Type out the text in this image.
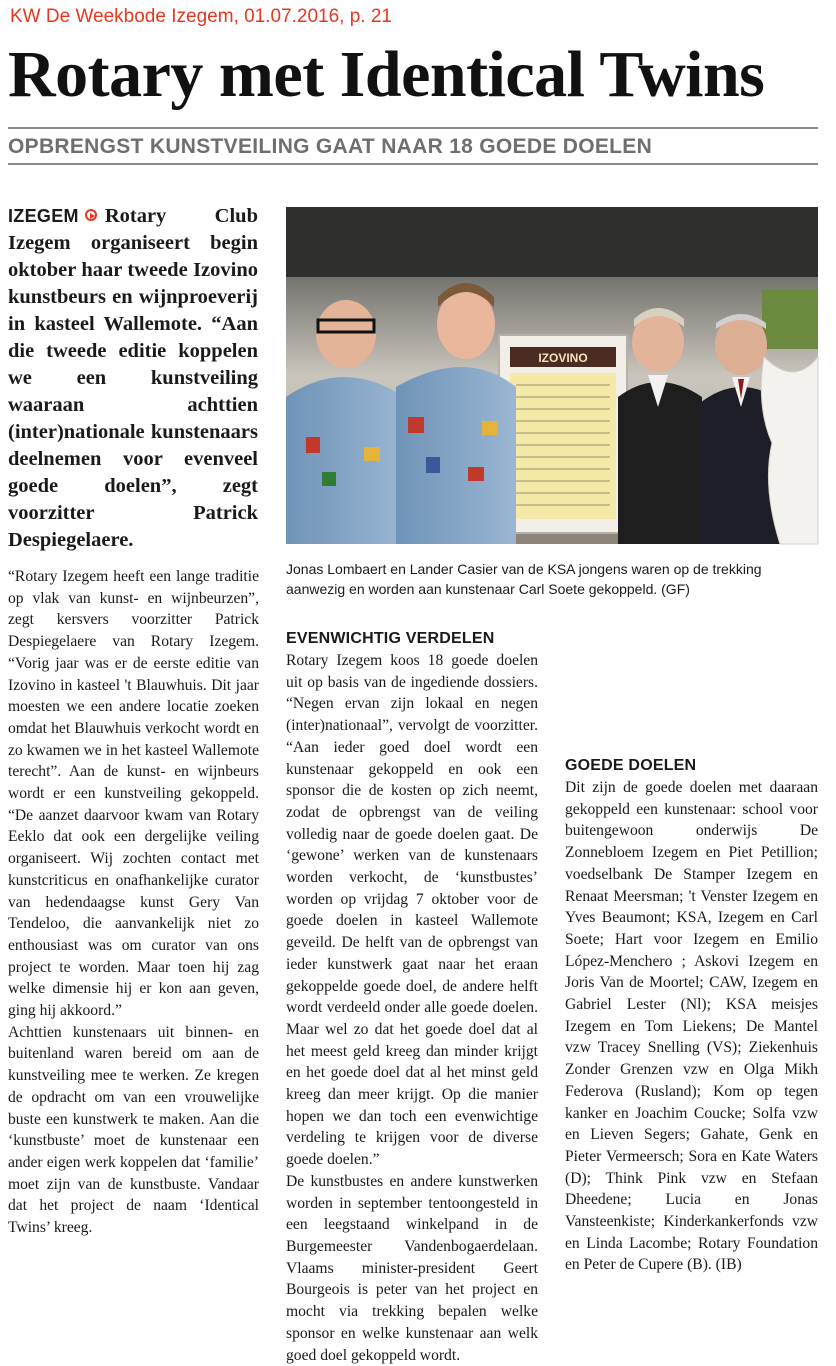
KW De Weekbode Izegem, 01.07.2016, p. 21
Rotary met Identical Twins
OPBRENGST KUNSTVEILING GAAT NAAR 18 GOEDE DOELEN
IZEGEM Rotary Club Izegem organiseert begin oktober haar tweede Izovino kunstbeurs en wijnproeverij in kasteel Wallemote. “Aan die tweede editie koppelen we een kunstveiling waaraan achttien (inter)nationale kunstenaars deelnemen voor evenveel goede doelen”, zegt voorzitter Patrick Despiegelaere.
IZOVINO
Jonas Lombaert en Lander Casier van de KSA jongens waren op de trekking aanwezig en worden aan kunstenaar Carl Soete gekoppeld. (GF)

“Rotary Izegem heeft een lange traditie op vlak van kunst- en wijnbeurzen”, zegt kersvers voorzitter Patrick Despiegelaere van Rotary Izegem. “Vorig jaar was er de eerste editie van Izovino in kasteel 't Blauwhuis. Dit jaar moesten we een andere locatie zoeken omdat het Blauwhuis verkocht wordt en zo kwamen we in het kasteel Wallemote terecht”. Aan de kunst- en wijnbeurs wordt er een kunstveiling gekoppeld. “De aanzet daarvoor kwam van Rotary Eeklo dat ook een dergelijke veiling organiseert. Wij zochten contact met kunstcriticus en onafhankelijke curator van hedendaagse kunst Gery Van Tendeloo, die aanvankelijk niet zo enthousiast was om curator van ons project te worden. Maar toen hij zag welke dimensie hij er kon aan geven, ging hij akkoord.”

Achttien kunstenaars uit binnen- en buitenland waren bereid om aan de kunstveiling mee te werken. Ze kregen de opdracht om van een vrouwelijke buste een kunstwerk te maken. Aan die ‘kunstbuste’ moet de kunstenaar een ander eigen werk koppelen dat ‘familie’ moet zijn van de kunstbuste. Vandaar dat het project de naam ‘Identical Twins’ kreeg.

EVENWICHTIG VERDELEN

Rotary Izegem koos 18 goede doelen uit op basis van de ingediende dossiers. “Negen ervan zijn lokaal en negen (inter)nationaal”, vervolgt de voorzitter. “Aan ieder goed doel wordt een kunstenaar gekoppeld en ook een sponsor die de kosten op zich neemt, zodat de opbrengst van de veiling volledig naar de goede doelen gaat. De ‘gewone’ werken van de kunstenaars worden verkocht, de ‘kunstbustes’ worden op vrijdag 7 oktober voor de goede doelen in kasteel Wallemote geveild. De helft van de opbrengst van ieder kunstwerk gaat naar het eraan gekoppelde goede doel, de andere helft wordt verdeeld onder alle goede doelen. Maar wel zo dat het goede doel dat al het meest geld kreeg dan minder krijgt en het goede doel dat al het minst geld kreeg dan meer krijgt. Op die manier hopen we dan toch een evenwichtige verdeling te krijgen voor de diverse goede doelen.”

De kunstbustes en andere kunstwerken worden in september tentoongesteld in een leegstaand winkelpand in de Burgemeester Vandenbogaerdelaan. Vlaams minister-president Geert Bourgeois is peter van het project en mocht via trekking bepalen welke sponsor en welke kunstenaar aan welk goed doel gekoppeld wordt.

GOEDE DOELEN

Dit zijn de goede doelen met daaraan gekoppeld een kunstenaar: school voor buitengewoon onderwijs De Zonnebloem Izegem en Piet Petillion; voedselbank De Stamper Izegem en Renaat Meersman; 't Venster Izegem en Yves Beaumont; KSA, Izegem en Carl Soete; Hart voor Izegem en Emilio López-Menchero ; Askovi Izegem en Joris Van de Moortel; CAW, Izegem en Gabriel Lester (Nl); KSA meisjes Izegem en Tom Liekens; De Mantel vzw Tracey Snelling (VS); Ziekenhuis Zonder Grenzen vzw en Olga Mikh Federova (Rusland); Kom op tegen kanker en Joachim Coucke; Solfa vzw en Lieven Segers; Gahate, Genk en Pieter Vermeersch; Sora en Kate Waters (D); Think Pink vzw en Stefaan Dheedene; Lucia en Jonas Vansteenkiste; Kinderkankerfonds vzw en Linda Lacombe; Rotary Foundation en Peter de Cupere (B). (IB)
